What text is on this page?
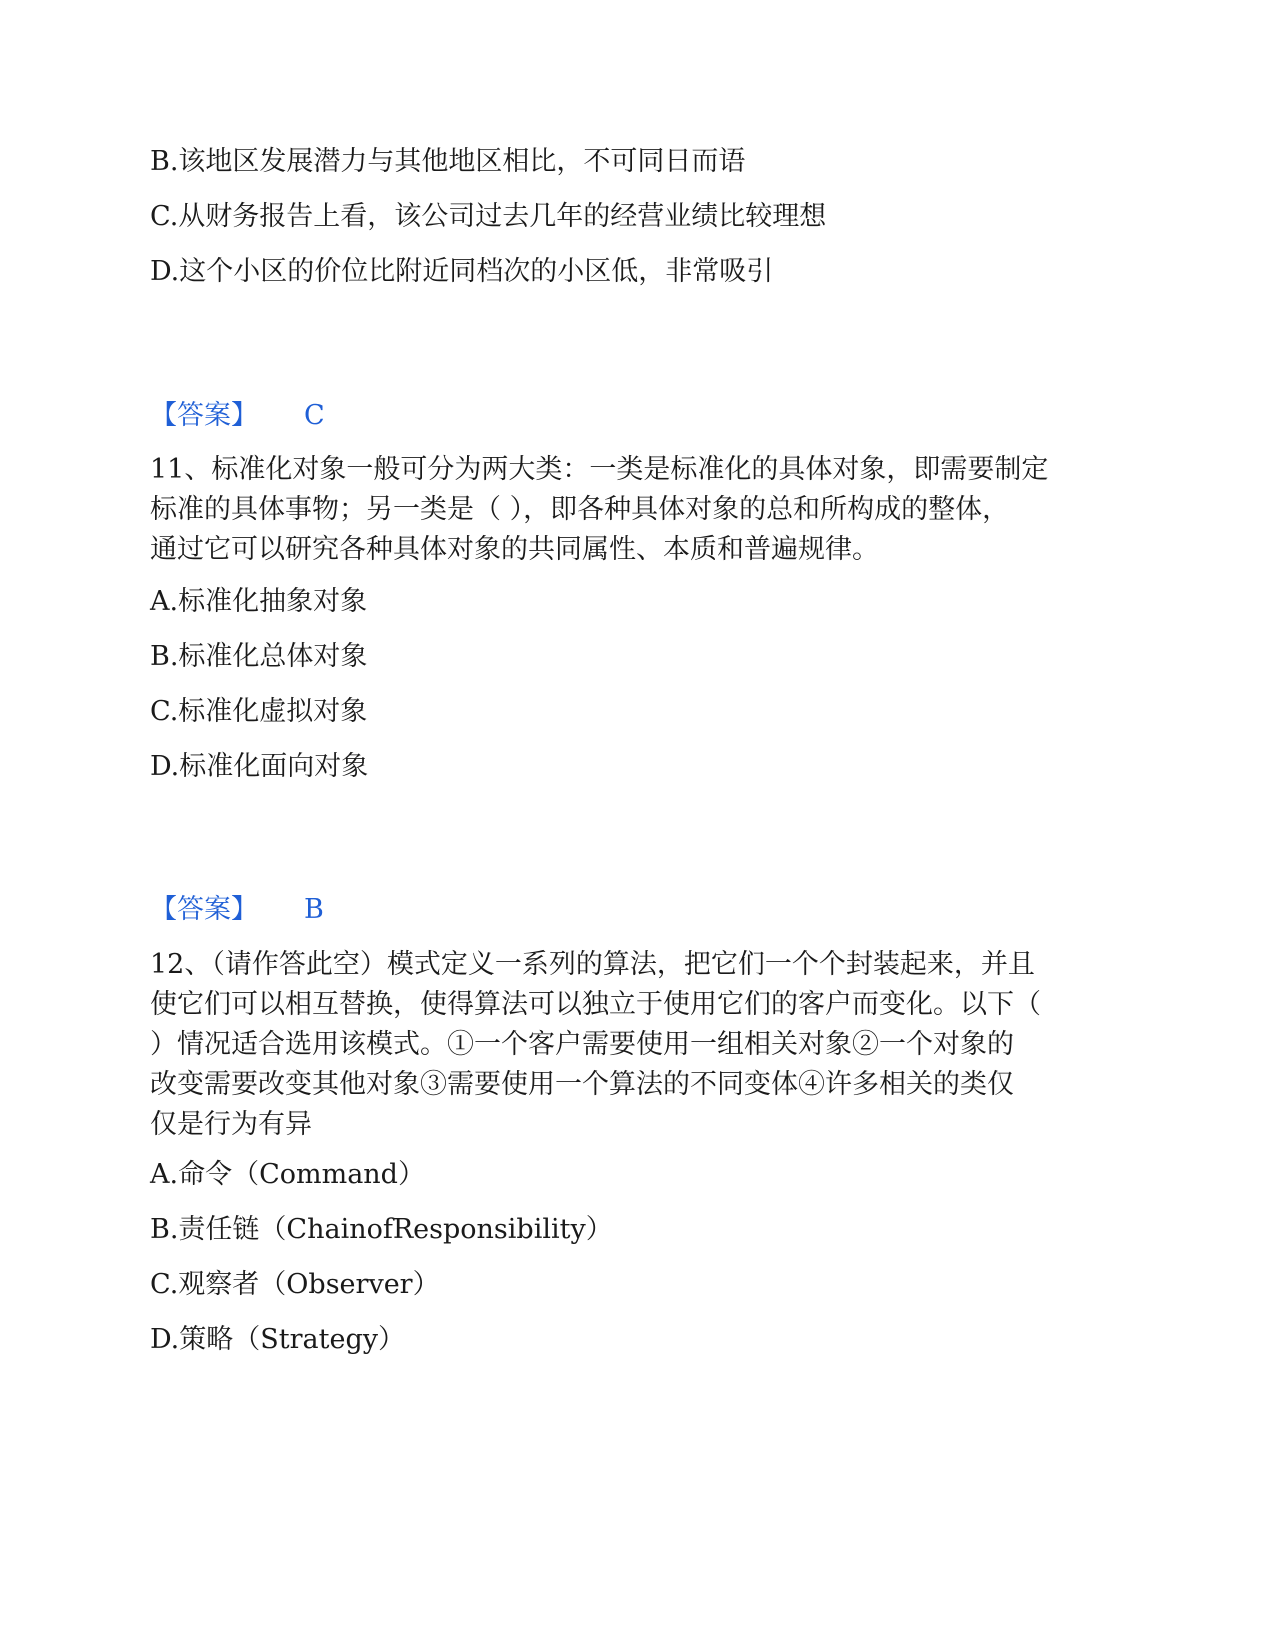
B.该地区发展潜力与其他地区相比，不可同日而语
C.从财务报告上看，该公司过去几年的经营业绩比较理想
D.这个小区的价位比附近同档次的小区低，非常吸引
【答案】 C
11、标准化对象一般可分为两大类：一类是标准化的具体对象，即需要制定
标准的具体事物；另一类是（ ），即各种具体对象的总和所构成的整体，
通过它可以研究各种具体对象的共同属性、本质和普遍规律。
A.标准化抽象对象
B.标准化总体对象
C.标准化虚拟对象
D.标准化面向对象
【答案】 B
12、（请作答此空）模式定义一系列的算法，把它们一个个封装起来，并且
使它们可以相互替换，使得算法可以独立于使用它们的客户而变化。以下（
）情况适合选用该模式。①一个客户需要使用一组相关对象②一个对象的
改变需要改变其他对象③需要使用一个算法的不同变体④许多相关的类仅
仅是行为有异
A.命令（Command）
B.责任链（ChainofResponsibility）
C.观察者（Observer）
D.策略（Strategy）
